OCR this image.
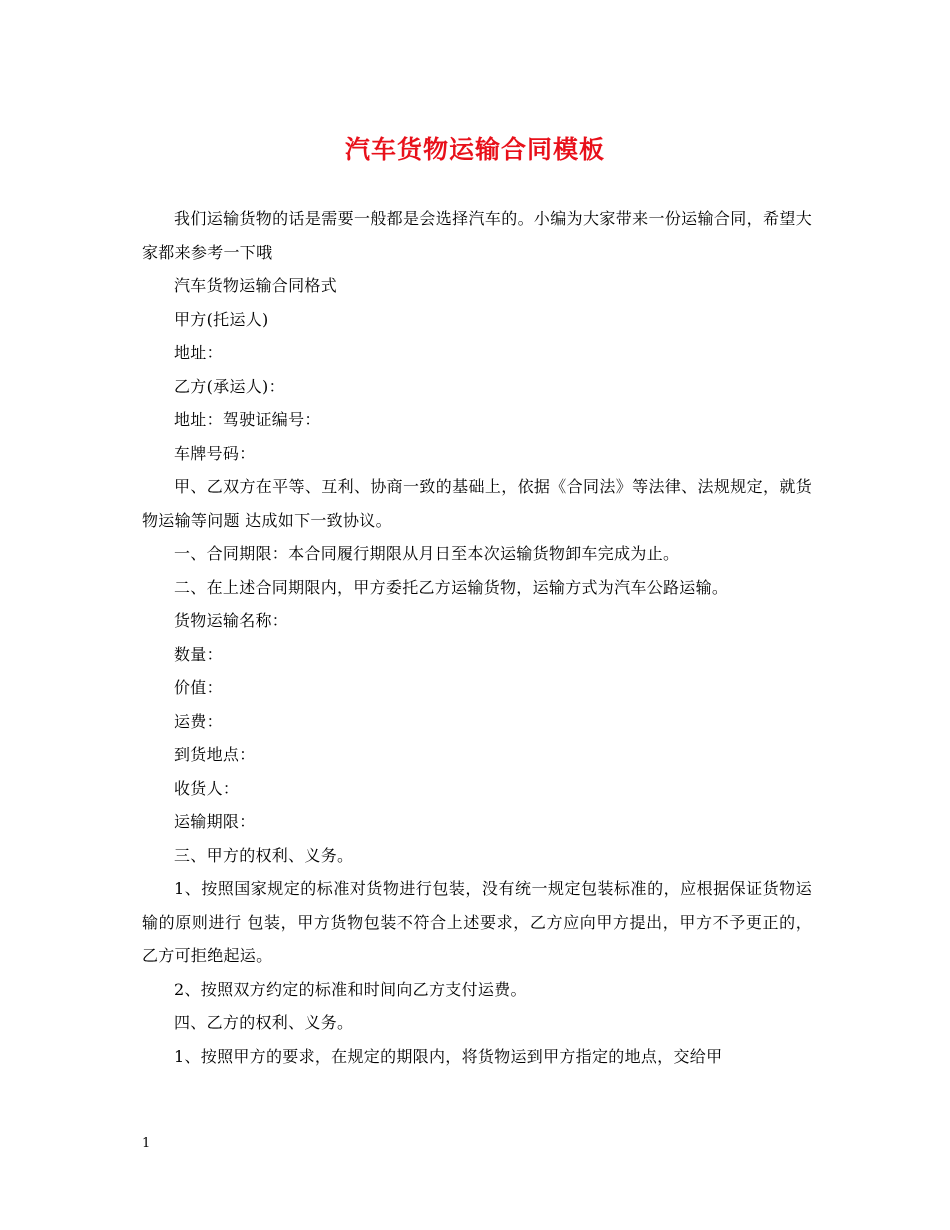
汽车货物运输合同模板

我们运输货物的话是需要一般都是会选择汽车的。小编为大家带来一份运输合同，希望大家都来参考一下哦

汽车货物运输合同格式

甲方(托运人)

地址：

乙方(承运人)：

地址：驾驶证编号：

车牌号码：

甲、乙双方在平等、互利、协商一致的基础上，依据《合同法》等法律、法规规定，就货物运输等问题 达成如下一致协议。

一、合同期限：本合同履行期限从月日至本次运输货物卸车完成为止。

二、在上述合同期限内，甲方委托乙方运输货物，运输方式为汽车公路运输。

货物运输名称：

数量：

价值：

运费：

到货地点：

收货人：

运输期限：

三、甲方的权利、义务。

1、按照国家规定的标准对货物进行包装，没有统一规定包装标准的，应根据保证货物运输的原则进行 包装，甲方货物包装不符合上述要求，乙方应向甲方提出，甲方不予更正的，乙方可拒绝起运。

2、按照双方约定的标准和时间向乙方支付运费。

四、乙方的权利、义务。

1、按照甲方的要求，在规定的期限内，将货物运到甲方指定的地点，交给甲

1
